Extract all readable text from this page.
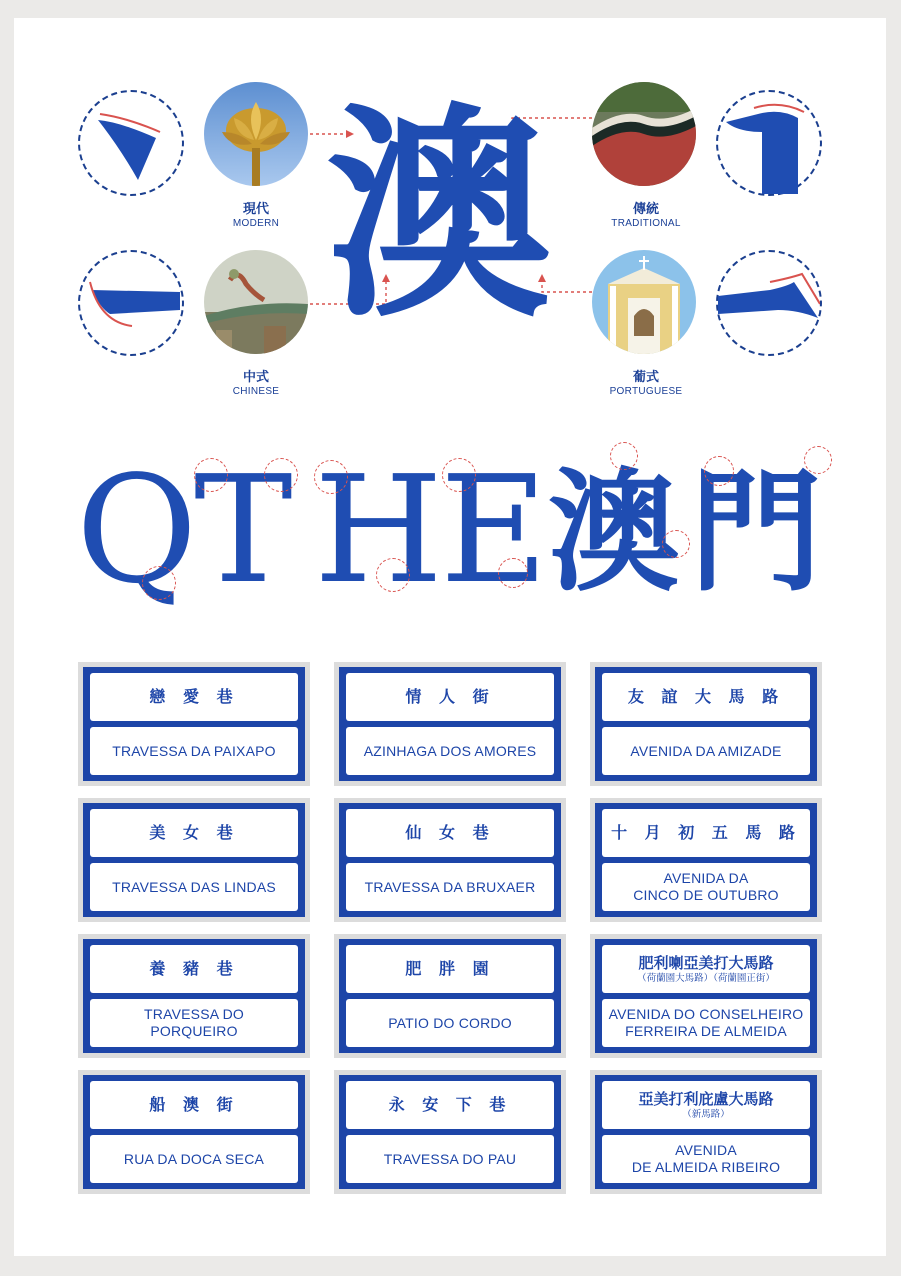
現代
MODERN
傳統
TRADITIONAL
中式
CHINESE
葡式
PORTUGUESE
澳
Q
T H
E 澳 門
戀 愛 巷
TRAVESSA DA PAIXAPO
情 人 街
AZINHAGA DOS AMORES
友 誼 大 馬 路
AVENIDA DA AMIZADE
美 女 巷
TRAVESSA DAS LINDAS
仙 女 巷
TRAVESSA DA BRUXAER
十 月 初 五 馬 路
AVENIDA DA
CINCO DE OUTUBRO
養 豬 巷
TRAVESSA DO
PORQUEIRO
肥 胖 園
PATIO DO CORDO
肥利喇亞美打大馬路
（荷蘭園大馬路）（荷蘭園正街）
AVENIDA DO CONSELHEIRO
FERREIRA DE ALMEIDA
船 澳 街
RUA DA DOCA SECA
永 安 下 巷
TRAVESSA DO PAU
亞美打利庇盧大馬路
（新馬路）
AVENIDA
DE ALMEIDA RIBEIRO
